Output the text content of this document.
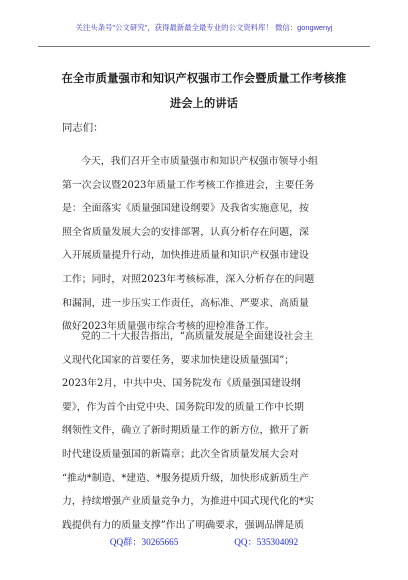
关注头条号"公文研究"，获得最新最全最专业的公文资料库！ 微信：gongwenyj
在全市质量强市和知识产权强市工作会暨质量工作考核推
进会上的讲话
同志们：
今天，我们召开全市质量强市和知识产权强市领导小组
第一次会议暨2023年质量工作考核工作推进会，主要任务
是：全面落实《质量强国建设纲要》及我省实施意见，按
照全省质量发展大会的安排部署，认真分析存在问题，深
入开展质量提升行动，加快推进质量和知识产权强市建设
工作；同时，对照2023年考核标准，深入分析存在的问题
和漏洞，进一步压实工作责任，高标准、严要求、高质量
做好2023年质量强市综合考核的迎检准备工作。
党的二十大报告指出，“高质量发展是全面建设社会主
义现代化国家的首要任务，要求加快建设质量强国”；
2023年2月，中共中央、国务院发布《质量强国建设纲
要》，作为首个由党中央、国务院印发的质量工作中长期
纲领性文件，确立了新时期质量工作的新方位，掀开了新
时代建设质量强国的新篇章；此次全省质量发展大会对
“推动*制造、*建造、*服务提质升级，加快形成新质生产
力，持续增强产业质量竞争力，为推进中国式现代化的*实
践提供有力的质量支撑”作出了明确要求，强调品牌是质
QQ群：30265665	QQ：535304092
